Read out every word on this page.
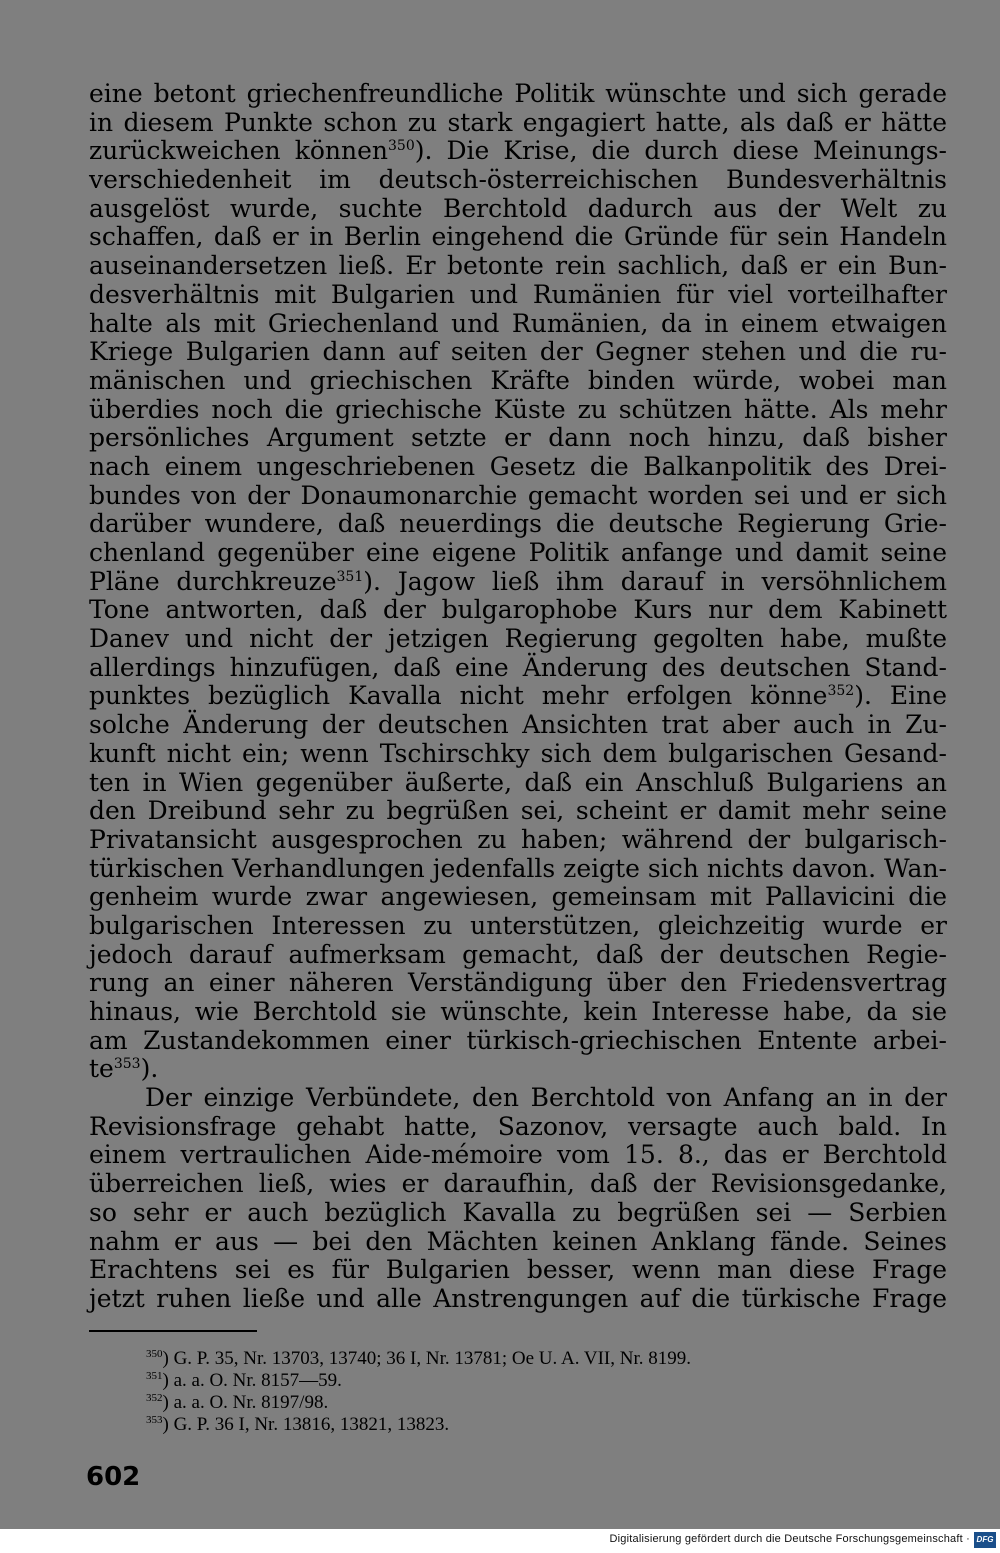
eine betont griechenfreundliche Politik wünschte und sich gerade
in diesem Punkte schon zu stark engagiert hatte, als daß er hätte
zurückweichen können$^{350}$). Die Krise, die durch diese Meinungs-
verschiedenheit im deutsch-österreichischen Bundesverhältnis
ausgelöst wurde, suchte Berchtold dadurch aus der Welt zu
schaffen, daß er in Berlin eingehend die Gründe für sein Handeln
auseinandersetzen ließ. Er betonte rein sachlich, daß er ein Bun-
desverhältnis mit Bulgarien und Rumänien für viel vorteilhafter
halte als mit Griechenland und Rumänien, da in einem etwaigen
Kriege Bulgarien dann auf seiten der Gegner stehen und die ru-
mänischen und griechischen Kräfte binden würde, wobei man
überdies noch die griechische Küste zu schützen hätte. Als mehr
persönliches Argument setzte er dann noch hinzu, daß bisher
nach einem ungeschriebenen Gesetz die Balkanpolitik des Drei-
bundes von der Donaumonarchie gemacht worden sei und er sich
darüber wundere, daß neuerdings die deutsche Regierung Grie-
chenland gegenüber eine eigene Politik anfange und damit seine
Pläne durchkreuze$^{351}$). Jagow ließ ihm darauf in versöhnlichem
Tone antworten, daß der bulgarophobe Kurs nur dem Kabinett
Danev und nicht der jetzigen Regierung gegolten habe, mußte
allerdings hinzufügen, daß eine Änderung des deutschen Stand-
punktes bezüglich Kavalla nicht mehr erfolgen könne$^{352}$). Eine
solche Änderung der deutschen Ansichten trat aber auch in Zu-
kunft nicht ein; wenn Tschirschky sich dem bulgarischen Gesand-
ten in Wien gegenüber äußerte, daß ein Anschluß Bulgariens an
den Dreibund sehr zu begrüßen sei, scheint er damit mehr seine
Privatansicht ausgesprochen zu haben; während der bulgarisch-
türkischen Verhandlungen jedenfalls zeigte sich nichts davon. Wan-
genheim wurde zwar angewiesen, gemeinsam mit Pallavicini die
bulgarischen Interessen zu unterstützen, gleichzeitig wurde er
jedoch darauf aufmerksam gemacht, daß der deutschen Regie-
rung an einer näheren Verständigung über den Friedensvertrag
hinaus, wie Berchtold sie wünschte, kein Interesse habe, da sie
am Zustandekommen einer türkisch-griechischen Entente arbei-
$te^{353}$).
Der einzige Verbündete, den Berchtold von Anfang an in der
Revisionsfrage gehabt hatte, Sazonov, versagte auch bald. In
einem vertraulichen Aide-mémoire vom 15. 8., das er Berchtold
überreichen ließ, wies er daraufhin, daß der Revisionsgedanke,
so sehr er auch bezüglich Kavalla zu begrüßen sei — Serbien
nahm er aus — bei den Mächten keinen Anklang fände. Seines
Erachtens sei es für Bulgarien besser, wenn man diese Frage
jetzt ruhen ließe und alle Anstrengungen auf die türkische Frage
$^{350}$) G. P. 35, Nr. 13703, 13740; 36 I, Nr. 13781; Oe U. A. VII, Nr. 8199.
$^{351}$) a. a. O. Nr. 8157—59.
$^{352}$) a. a. O. Nr. 8197/98.
$^{353}$) G. P. 36 I, Nr. 13816, 13821, 13823.
602
Digitalisierung gefördert durch die Deutsche Forschungsgemeinschaft · DFG
